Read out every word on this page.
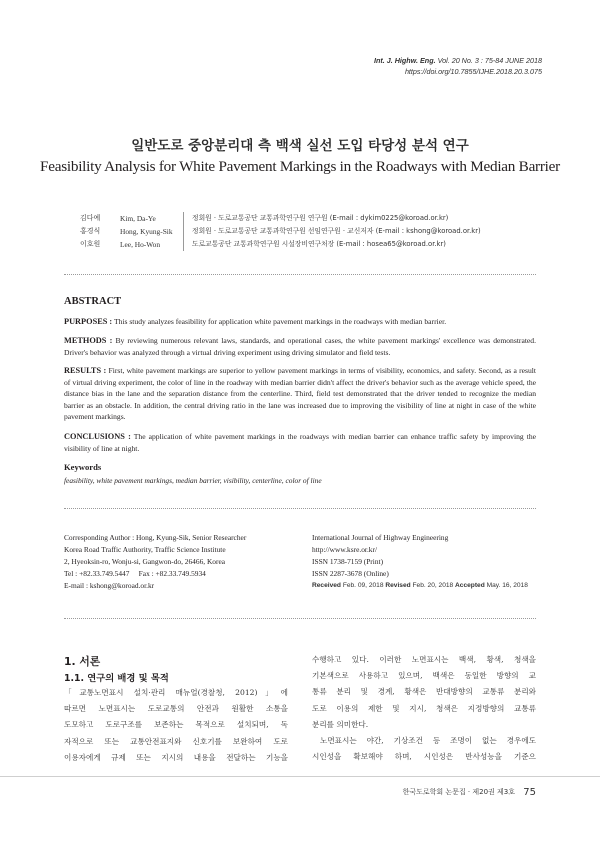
Int. J. Highw. Eng. Vol. 20 No. 3 : 75-84 JUNE 2018
https://doi.org/10.7855/IJHE.2018.20.3.075
일반도로 중앙분리대 측 백색 실선 도입 타당성 분석 연구
Feasibility Analysis for White Pavement Markings in the Roadways with Median Barrier
김다예	Kim, Da-Ye	정회원 · 도로교통공단 교통과학연구원 연구원 (E-mail : dykim0225@koroad.or.kr)
홍경식	Hong, Kyung-Sik	정회원 · 도로교통공단 교통과학연구원 선임연구원 · 교신저자 (E-mail : kshong@koroad.or.kr)
이호원	Lee, Ho-Won	도로교통공단 교통과학연구원 시설장비연구처장 (E-mail : hosea65@koroad.or.kr)
ABSTRACT
PURPOSES : This study analyzes feasibility for application white pavement markings in the roadways with median barrier.
METHODS : By reviewing numerous relevant laws, standards, and operational cases, the white pavement markings' excellence was demonstrated. Driver's behavior was analyzed through a virtual driving experiment using driving simulator and field tests.
RESULTS : First, white pavement markings are superior to yellow pavement markings in terms of visibility, economics, and safety. Second, as a result of virtual driving experiment, the color of line in the roadway with median barrier didn't affect the driver's behavior such as the average vehicle speed, the distance bias in the lane and the separation distance from the centerline. Third, field test demonstrated that the driver tended to recognize the median barrier as an obstacle. In addition, the central driving ratio in the lane was increased due to improving the visibility of line at night in case of the white pavement markings.
CONCLUSIONS : The application of white pavement markings in the roadways with median barrier can enhance traffic safety by improving the visibility of line at night.
Keywords
feasibility, white pavement markings, median barrier, visibility, centerline, color of line
Corresponding Author : Hong, Kyung-Sik, Senior Researcher
Korea Road Traffic Authority, Traffic Science Institute
2, Hyeoksin-ro, Wonju-si, Gangwon-do, 26466, Korea
Tel : +82.33.749.5447     Fax : +82.33.749.5934
E-mail : kshong@koroad.or.kr
International Journal of Highway Engineering
http://www.ksre.or.kr/
ISSN 1738-7159 (Print)
ISSN 2287-3678 (Online)
Received Feb. 09, 2018 Revised Feb. 20, 2018 Accepted May. 16, 2018
1. 서론
1.1. 연구의 배경 및 목적
「교통노면표시 설치·관리 매뉴얼(경찰청, 2012)」에
따르면 노면표시는 도로교통의 안전과 원활한 소통을
도모하고 도로구조를 보존하는 목적으로 설치되며, 독
자적으로 또는 교통안전표지와 신호기를 보완하여 도로
이용자에게 규제 또는 지시의 내용을 전달하는 기능을
수행하고 있다. 이러한 노면표시는 백색, 황색, 청색을
기본색으로 사용하고 있으며, 백색은 동일한 방향의 교
통류 분리 및 경계, 황색은 반대방향의 교통류 분리와
도로 이용의 제한 및 지시, 청색은 지정방향의 교통류
분리를 의미한다.
노면표시는 야간, 기상조건 등 조명이 없는 경우에도
시인성을 확보해야 하며, 시인성은 반사성능을 기준으
한국도로학회 논문집 · 제20권 제3호 75
